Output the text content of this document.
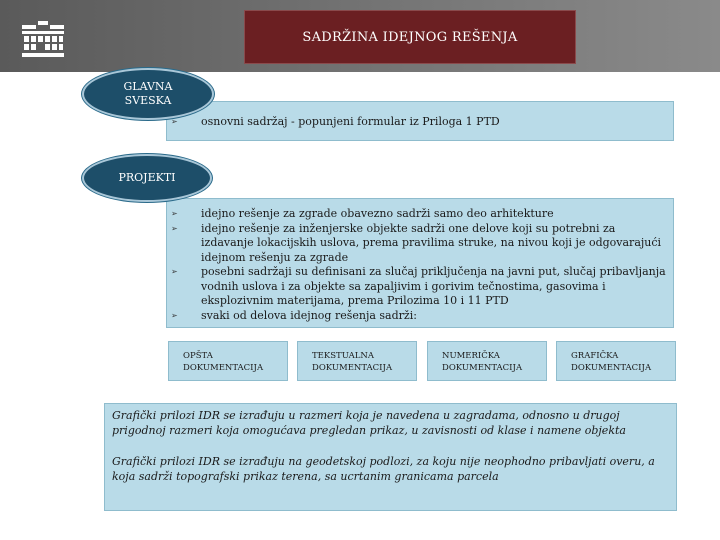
SADRŽINA IDEJNOG REŠENJA
➢ osnovni sadržaj - popunjeni formular iz Priloga 1 PTD
GLAVNA SVESKA
➢ idejno rešenje za zgrade obavezno sadrži samo deo arhitekture
➢ idejno rešenje za inženjerske objekte sadrži one delove koji su potrebni za izdavanje lokacijskih uslova, prema pravilima struke, na nivou koji je odgovarajući idejnom rešenju za zgrade
➢ posebni sadržaji su definisani za slučaj priključenja na javni put, slučaj pribavljanja vodnih uslova i za objekte sa zapaljivim i gorivim tečnostima, gasovima i eksplozivnim materijama, prema Prilozima 10 i 11 PTD
➢ svaki od delova idejnog rešenja sadrži:
PROJEKTI
OPŠTA DOKUMENTACIJA
TEKSTUALNA DOKUMENTACIJA
NUMERIČKA DOKUMENTACIJA
GRAFIČKA DOKUMENTACIJA

Grafički prilozi IDR se izrađuju u razmeri koja je navedena u zagradama, odnosno u drugoj prigodnoj razmeri koja omogućava pregledan prikaz, u zavisnosti od klase i namene objekta

Grafički prilozi IDR se izrađuju na geodetskoj podlozi, za koju nije neophodno pribavljati overu, a koja sadrži topografski prikaz terena, sa ucrtanim granicama parcela
